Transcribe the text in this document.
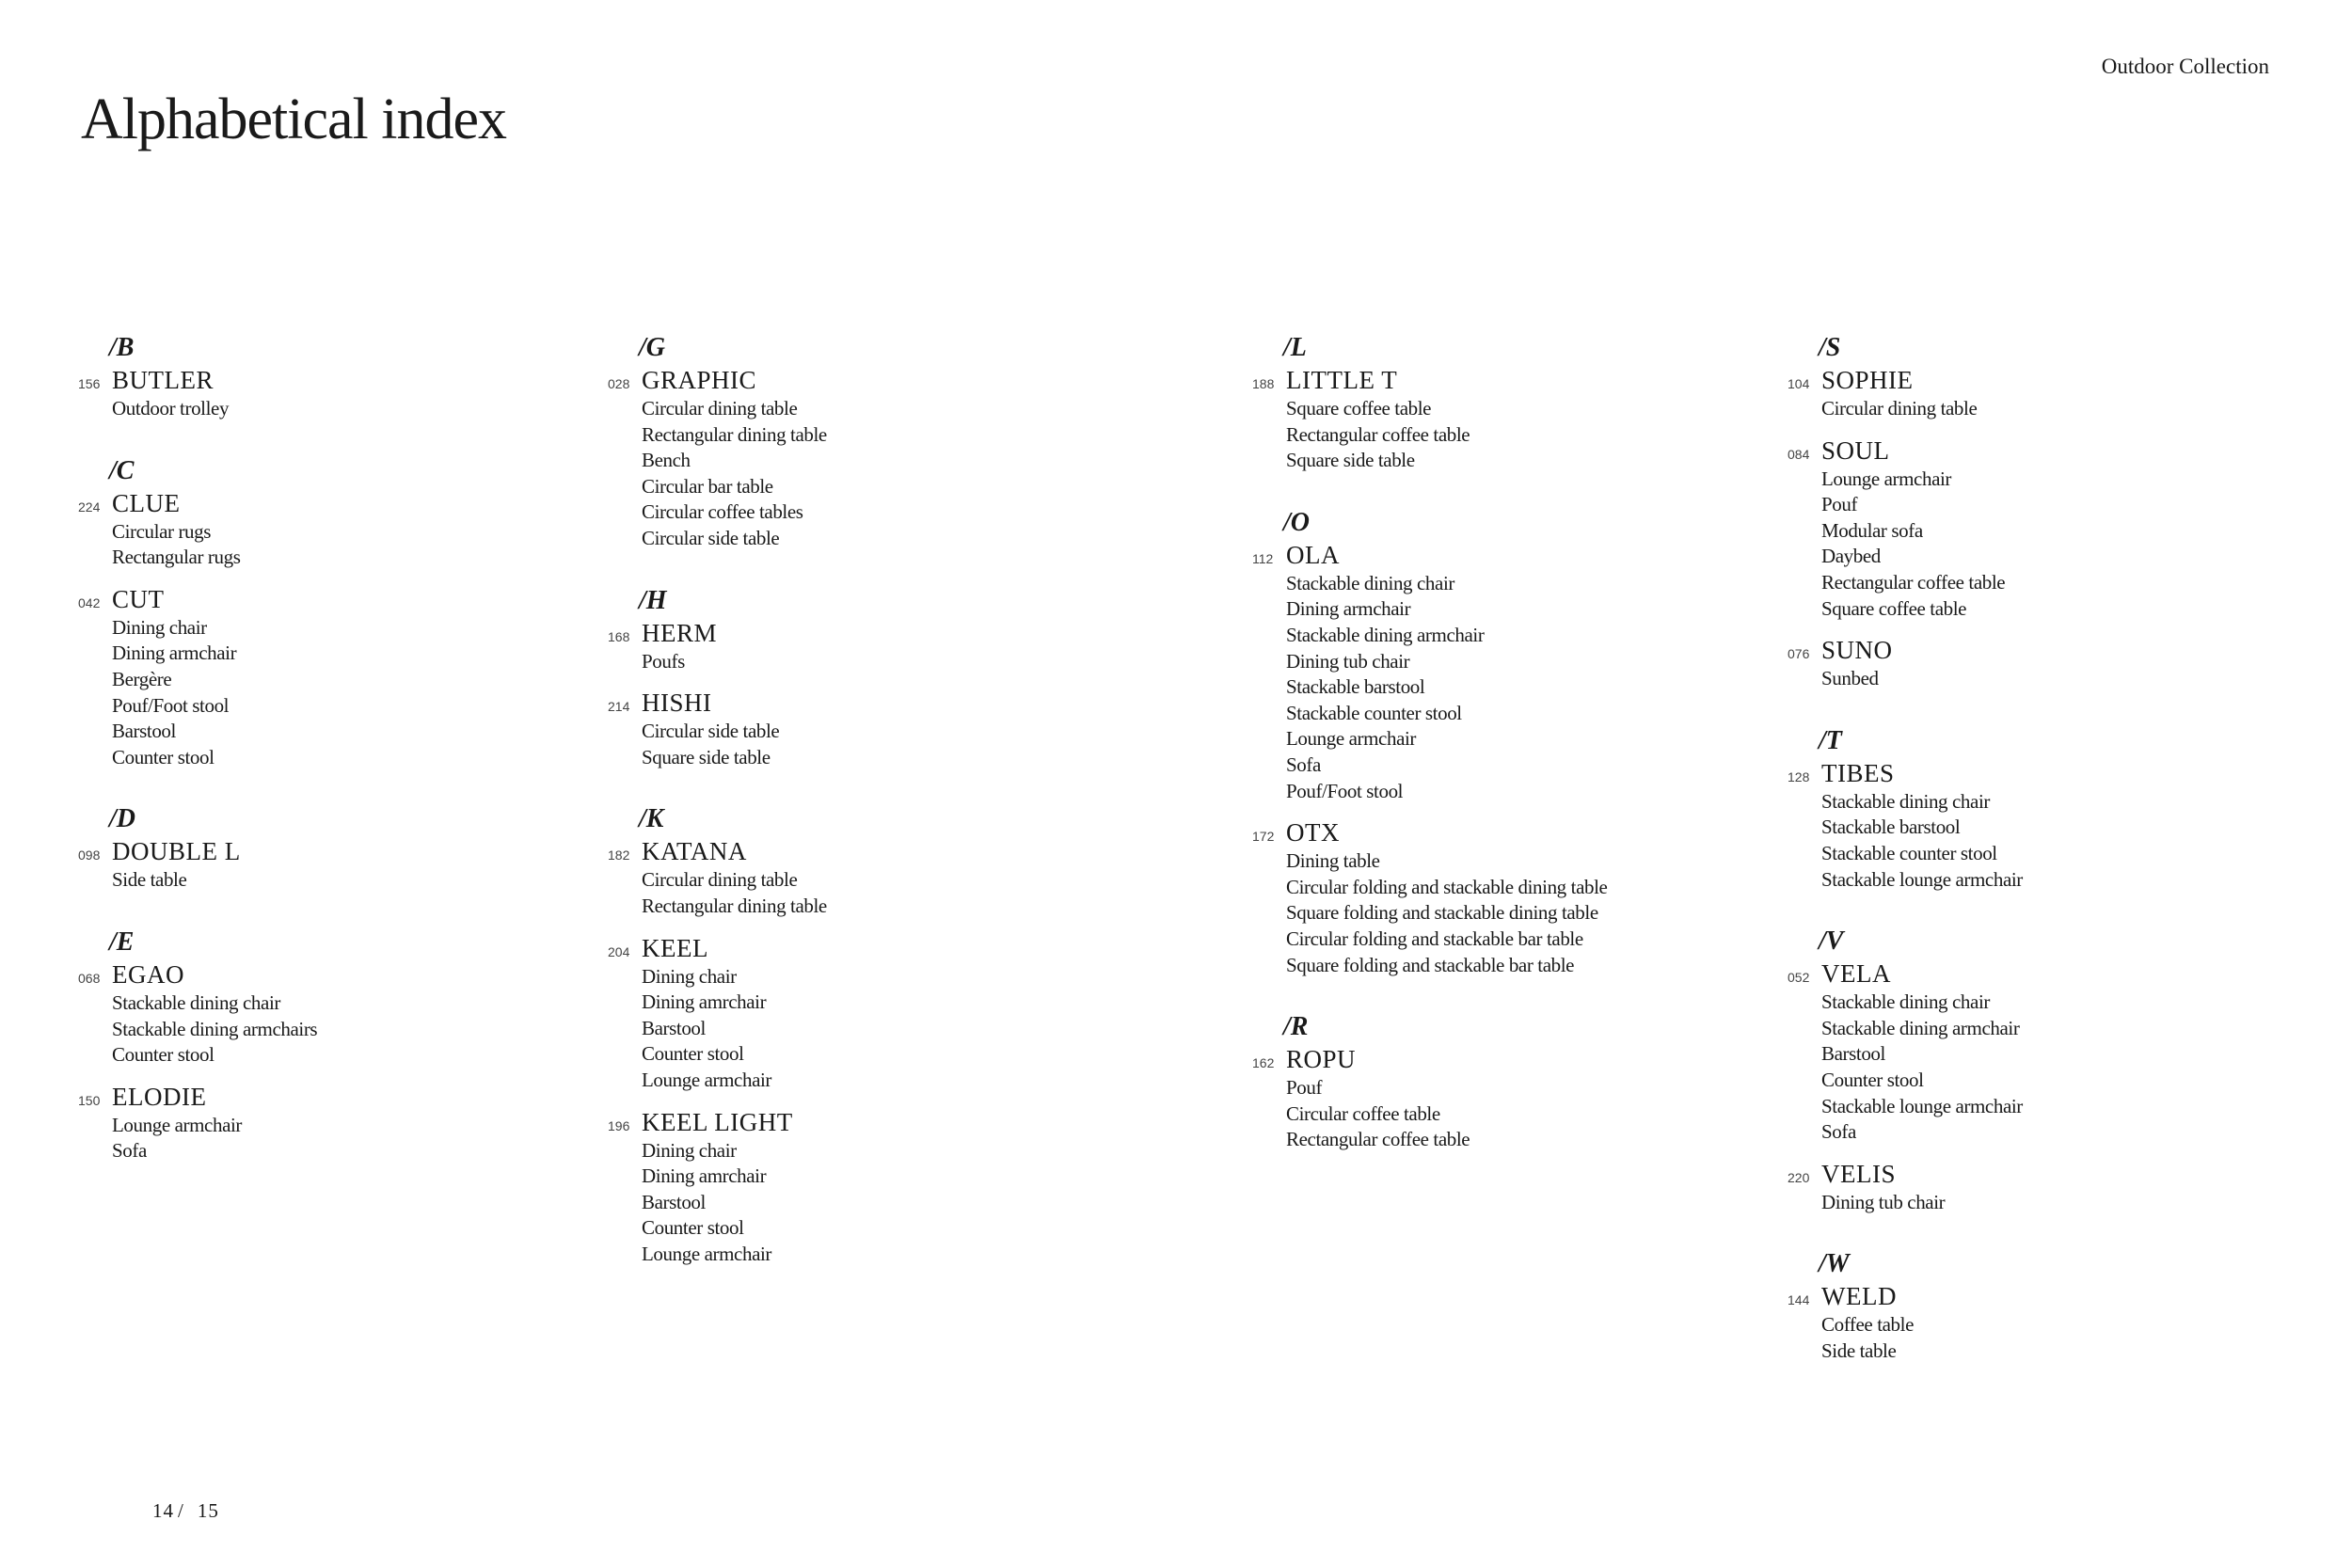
Outdoor Collection
Alphabetical index
/B
156 BUTLER
Outdoor trolley
/C
224 CLUE
Circular rugs
Rectangular rugs
042 CUT
Dining chair
Dining armchair
Bergère
Pouf/Foot stool
Barstool
Counter stool
/D
098 DOUBLE L
Side table
/E
068 EGAO
Stackable dining chair
Stackable dining armchairs
Counter stool
150 ELODIE
Lounge armchair
Sofa
/G
028 GRAPHIC
Circular dining table
Rectangular dining table
Bench
Circular bar table
Circular coffee tables
Circular side table
/H
168 HERM
Poufs
214 HISHI
Circular side table
Square side table
/K
182 KATANA
Circular dining table
Rectangular dining table
204 KEEL
Dining chair
Dining amrchair
Barstool
Counter stool
Lounge armchair
196 KEEL LIGHT
Dining chair
Dining amrchair
Barstool
Counter stool
Lounge armchair
/L
188 LITTLE T
Square coffee table
Rectangular coffee table
Square side table
/O
112 OLA
Stackable dining chair
Dining armchair
Stackable dining armchair
Dining tub chair
Stackable barstool
Stackable counter stool
Lounge armchair
Sofa
Pouf/Foot stool
172 OTX
Dining table
Circular folding and stackable dining table
Square folding and stackable dining table
Circular folding and stackable bar table
Square folding and stackable bar table
/R
162 ROPU
Pouf
Circular coffee table
Rectangular coffee table
/S
104 SOPHIE
Circular dining table
084 SOUL
Lounge armchair
Pouf
Modular sofa
Daybed
Rectangular coffee table
Square coffee table
076 SUNO
Sunbed
/T
128 TIBES
Stackable dining chair
Stackable barstool
Stackable counter stool
Stackable lounge armchair
/V
052 VELA
Stackable dining chair
Stackable dining armchair
Barstool
Counter stool
Stackable lounge armchair
Sofa
220 VELIS
Dining tub chair
/W
144 WELD
Coffee table
Side table
14 / 15
